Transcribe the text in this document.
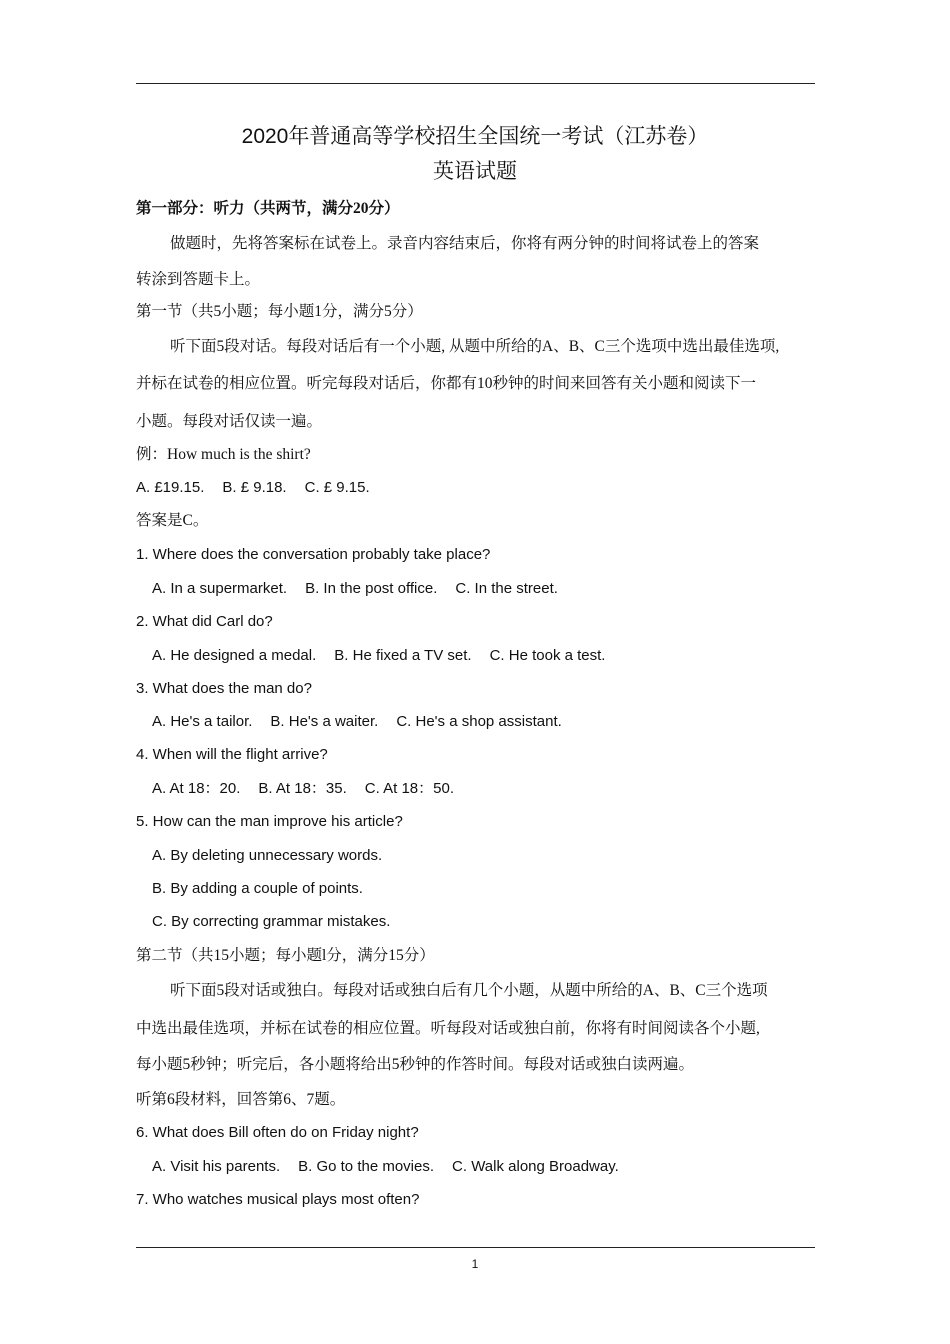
2020年普通高等学校招生全国统一考试（江苏卷）
英语试题
第一部分：听力（共两节，满分20分）
做题时，先将答案标在试卷上。录音内容结束后，你将有两分钟的时间将试卷上的答案
转涂到答题卡上。
第一节（共5小题；每小题1分，满分5分）
听下面5段对话。每段对话后有一个小题, 从题中所给的A、B、C三个选项中选出最佳选项,
并标在试卷的相应位置。听完每段对话后，你都有10秒钟的时间来回答有关小题和阅读下一
小题。每段对话仅读一遍。
例：How much is the shirt?
A. £19.15. B. £ 9.18. C. £ 9.15.
答案是C。
1. Where does the conversation probably take place?
A. In a supermarket. B. In the post office. C. In the street.
2. What did Carl do?
A. He designed a medal. B. He fixed a TV set. C. He took a test.
3. What does the man do?
A. He's a tailor. B. He's a waiter. C. He's a shop assistant.
4. When will the flight arrive?
A. At 18：20. B. At 18：35. C. At 18：50.
5. How can the man improve his article?
A. By deleting unnecessary words.
B. By adding a couple of points.
C. By correcting grammar mistakes.
第二节（共15小题；每小题l分，满分15分）
听下面5段对话或独白。每段对话或独白后有几个小题，从题中所给的A、B、C三个选项
中选出最佳选项，并标在试卷的相应位置。听每段对话或独白前，你将有时间阅读各个小题,
每小题5秒钟；听完后，各小题将给出5秒钟的作答时间。每段对话或独白读两遍。
听第6段材料，回答第6、7题。
6. What does Bill often do on Friday night?
A. Visit his parents. B. Go to the movies. C. Walk along Broadway.
7. Who watches musical plays most often?
1
